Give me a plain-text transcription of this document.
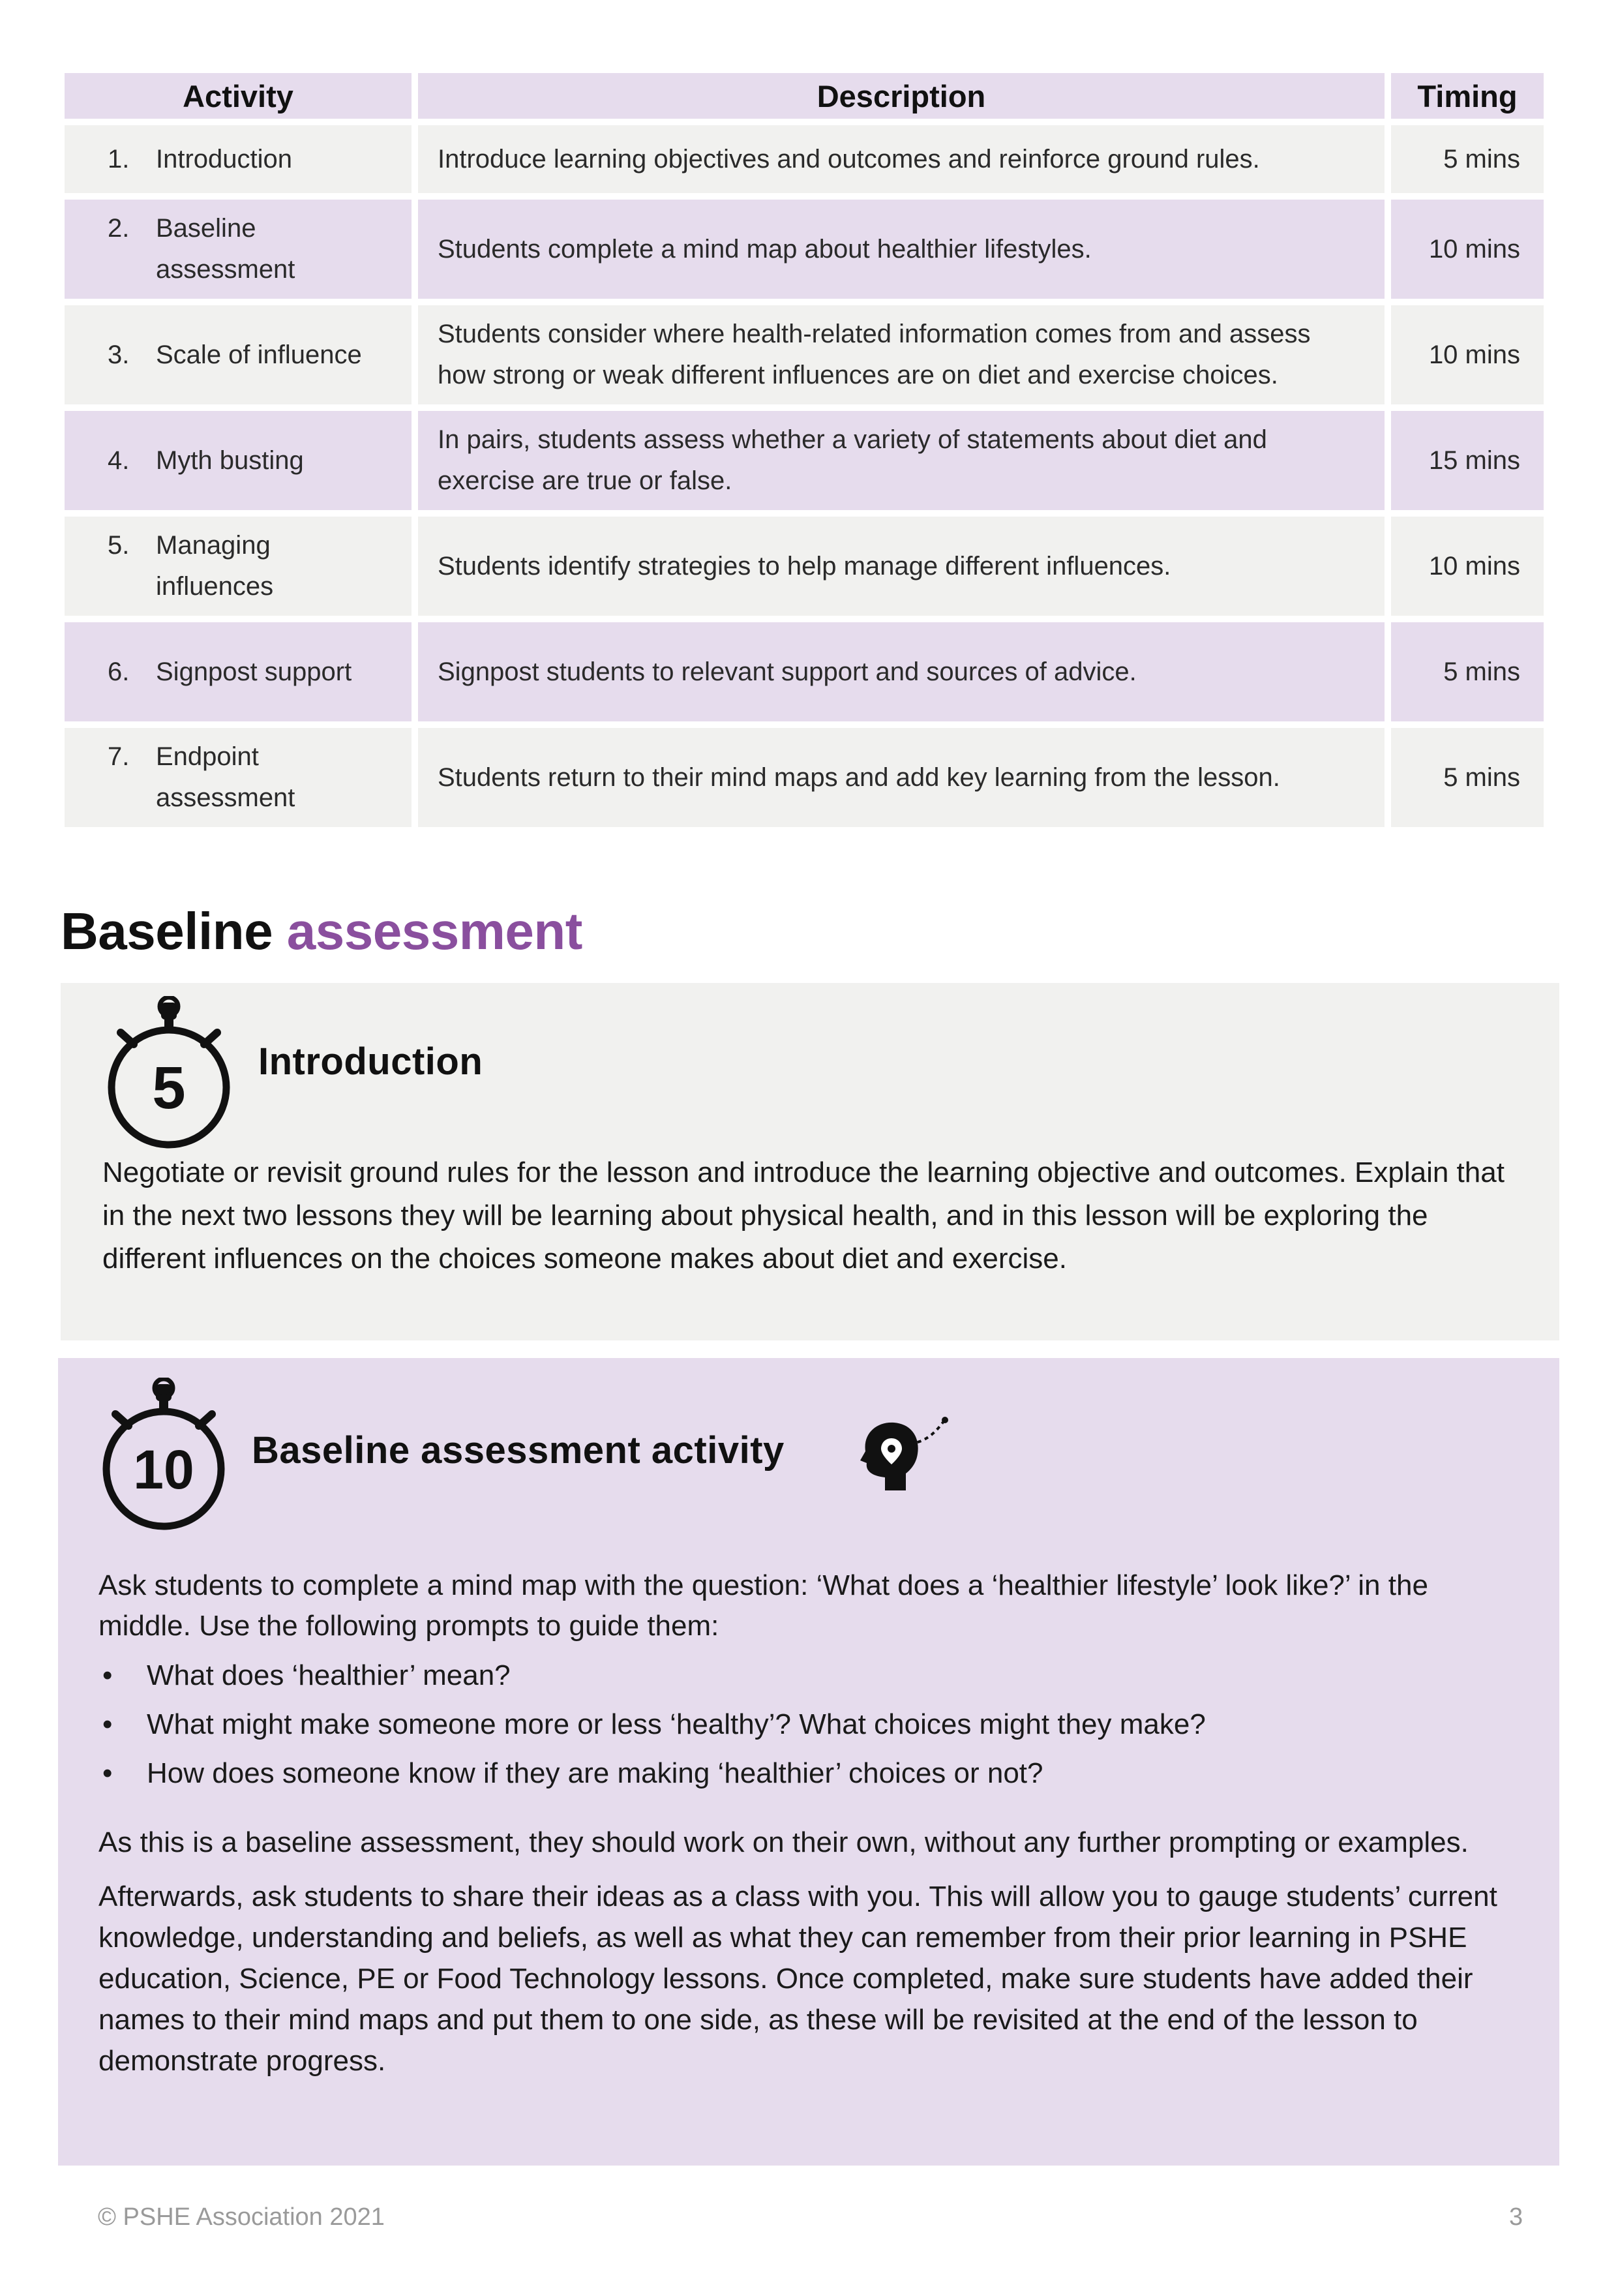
Activity	Description	Timing

1. Introduction	Introduce learning objectives and outcomes and reinforce ground rules.	5 mins

2. Baseline assessment	Students complete a mind map about healthier lifestyles.	10 mins

3. Scale of influence	Students consider where health-related information comes from and assess how strong or weak different influences are on diet and exercise choices.	10 mins

4. Myth busting	In pairs, students assess whether a variety of statements about diet and exercise are true or false.	15 mins

5. Managing influences	Students identify strategies to help manage different influences.	10 mins

6. Signpost support	Signpost students to relevant support and sources of advice.	5 mins

7. Endpoint assessment	Students return to their mind maps and add key learning from the lesson.	5 mins
Baseline assessment
5 Introduction

Negotiate or revisit ground rules for the lesson and introduce the learning objective and outcomes. Explain that in the next two lessons they will be learning about physical health, and in this lesson will be exploring the different influences on the choices someone makes about diet and exercise.

10 Baseline assessment activity

Ask students to complete a mind map with the question: ‘What does a ‘healthier lifestyle’ look like?’ in the middle. Use the following prompts to guide them:

• What does ‘healthier’ mean?
• What might make someone more or less ‘healthy’? What choices might they make?
• How does someone know if they are making ‘healthier’ choices or not?

As this is a baseline assessment, they should work on their own, without any further prompting or examples.

Afterwards, ask students to share their ideas as a class with you. This will allow you to gauge students’ current knowledge, understanding and beliefs, as well as what they can remember from their prior learning in PSHE education, Science, PE or Food Technology lessons. Once completed, make sure students have added their names to their mind maps and put them to one side, as these will be revisited at the end of the lesson to demonstrate progress.

© PSHE Association 2021	3
